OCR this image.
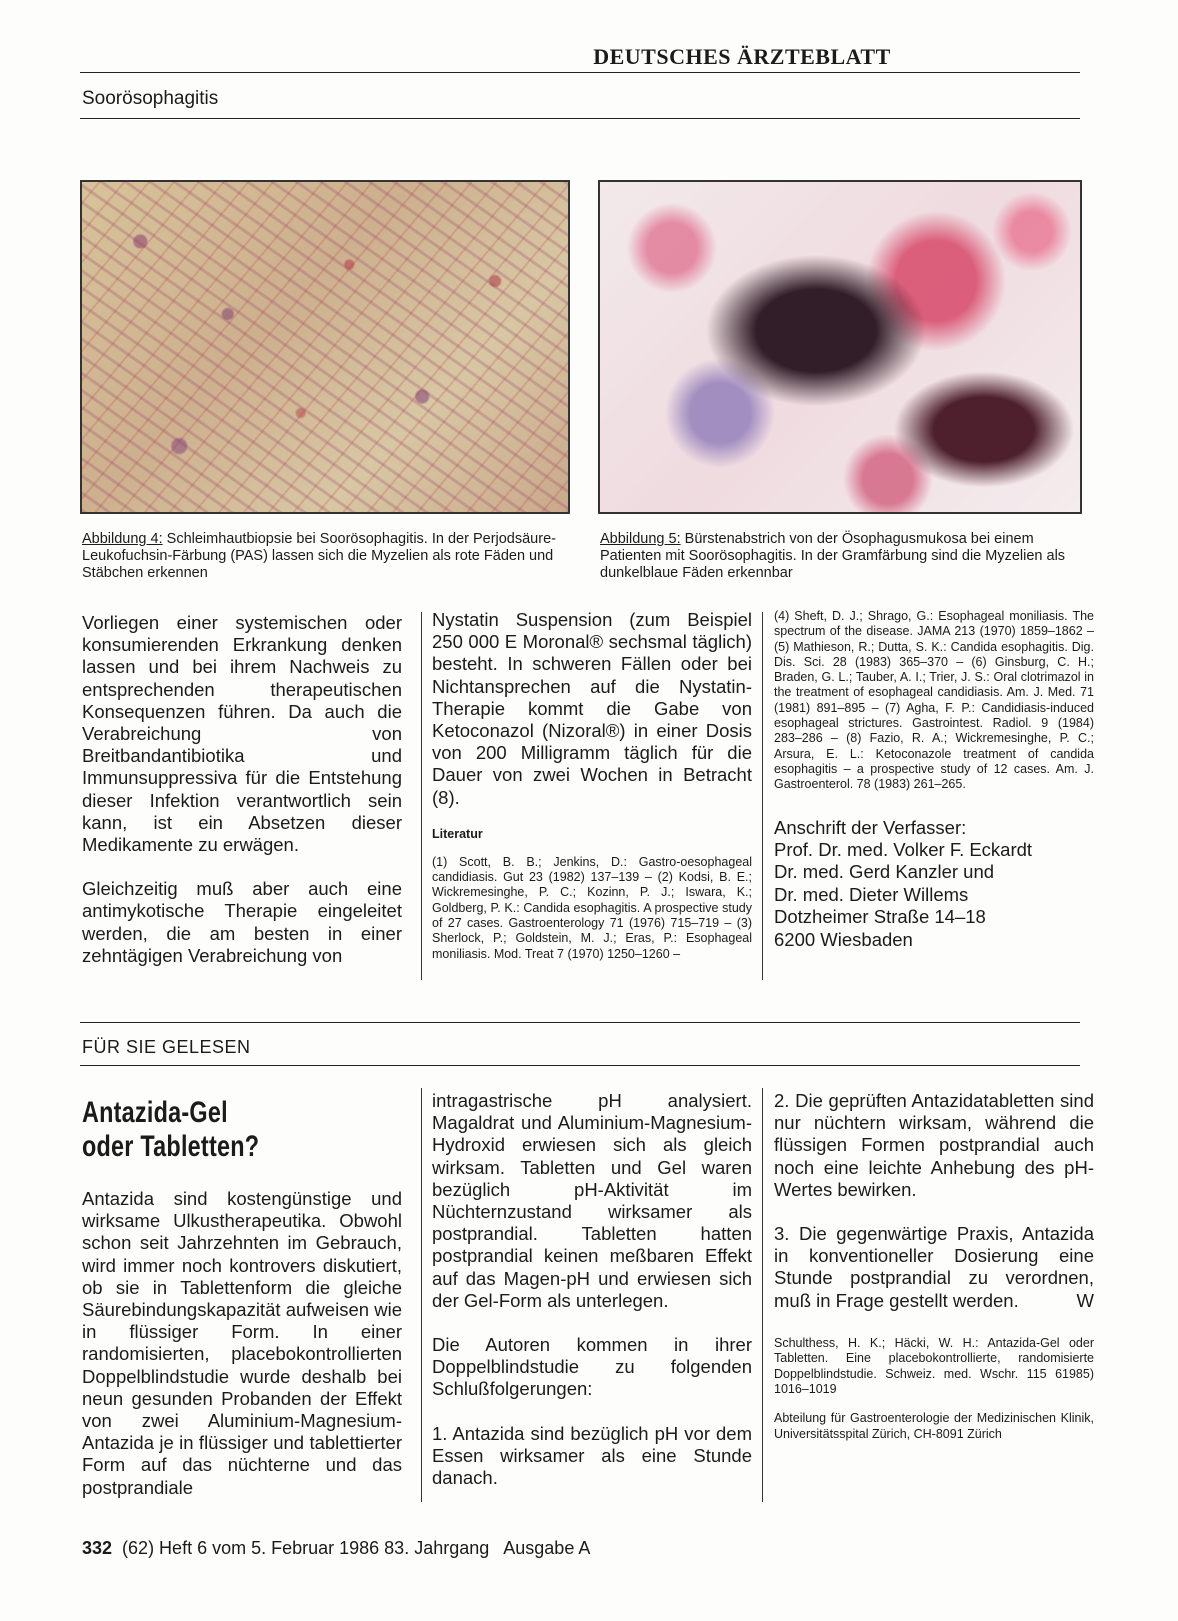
DEUTSCHES ÄRZTEBLATT
Soorösophagitis
Abbildung 4: Schleimhautbiopsie bei Soorösophagitis. In der Perjodsäure-Leukofuchsin-Färbung (PAS) lassen sich die Myzelien als rote Fäden und Stäbchen erkennen
Abbildung 5: Bürstenabstrich von der Ösophagusmukosa bei einem Patienten mit Soorösophagitis. In der Gramfärbung sind die Myzelien als dunkelblaue Fäden erkennbar

Vorliegen einer systemischen oder konsumierenden Erkrankung denken lassen und bei ihrem Nachweis zu entsprechenden therapeutischen Konsequenzen führen. Da auch die Verabreichung von Breitbandantibiotika und Immunsuppressiva für die Entstehung dieser Infektion verantwortlich sein kann, ist ein Absetzen dieser Medikamente zu erwägen.

Gleichzeitig muß aber auch eine antimykotische Therapie eingeleitet werden, die am besten in einer zehntägigen Verabreichung von

Nystatin Suspension (zum Beispiel 250 000 E Moronal® sechsmal täglich) besteht. In schweren Fällen oder bei Nichtansprechen auf die Nystatin-Therapie kommt die Gabe von Ketoconazol (Nizoral®) in einer Dosis von 200 Milligramm täglich für die Dauer von zwei Wochen in Betracht (8).
Literatur
(1) Scott, B. B.; Jenkins, D.: Gastro-oesophageal candidiasis. Gut 23 (1982) 137–139 – (2) Kodsi, B. E.; Wickremesinghe, P. C.; Kozinn, P. J.; Iswara, K.; Goldberg, P. K.: Candida esophagitis. A prospective study of 27 cases. Gastroenterology 71 (1976) 715–719 – (3) Sherlock, P.; Goldstein, M. J.; Eras, P.: Esophageal moniliasis. Mod. Treat 7 (1970) 1250–1260 –
(4) Sheft, D. J.; Shrago, G.: Esophageal moniliasis. The spectrum of the disease. JAMA 213 (1970) 1859–1862 – (5) Mathieson, R.; Dutta, S. K.: Candida esophagitis. Dig. Dis. Sci. 28 (1983) 365–370 – (6) Ginsburg, C. H.; Braden, G. L.; Tauber, A. I.; Trier, J. S.: Oral clotrimazol in the treatment of esophageal candidiasis. Am. J. Med. 71 (1981) 891–895 – (7) Agha, F. P.: Candidiasis-induced esophageal strictures. Gastrointest. Radiol. 9 (1984) 283–286 – (8) Fazio, R. A.; Wickremesinghe, P. C.; Arsura, E. L.: Ketoconazole treatment of candida esophagitis – a prospective study of 12 cases. Am. J. Gastroenterol. 78 (1983) 261–265.
Anschrift der Verfasser:
Prof. Dr. med. Volker F. Eckardt
Dr. med. Gerd Kanzler und
Dr. med. Dieter Willems
Dotzheimer Straße 14–18
6200 Wiesbaden
FÜR SIE GELESEN
Antazida-Gel
oder Tabletten?
Antazida sind kostengünstige und wirksame Ulkustherapeutika. Obwohl schon seit Jahrzehnten im Gebrauch, wird immer noch kontrovers diskutiert, ob sie in Tablettenform die gleiche Säurebindungskapazität aufweisen wie in flüssiger Form. In einer randomisierten, placebokontrollierten Doppelblindstudie wurde deshalb bei neun gesunden Probanden der Effekt von zwei Aluminium-Magnesium-Antazida je in flüssiger und tablettierter Form auf das nüchterne und das postprandiale

intragastrische pH analysiert. Magaldrat und Aluminium-Magnesium-Hydroxid erwiesen sich als gleich wirksam. Tabletten und Gel waren bezüglich pH-Aktivität im Nüchternzustand wirksamer als postprandial. Tabletten hatten postprandial keinen meßbaren Effekt auf das Magen-pH und erwiesen sich der Gel-Form als unterlegen.

Die Autoren kommen in ihrer Doppelblindstudie zu folgenden Schlußfolgerungen:

1. Antazida sind bezüglich pH vor dem Essen wirksamer als eine Stunde danach.

2. Die geprüften Antazidatabletten sind nur nüchtern wirksam, während die flüssigen Formen postprandial auch noch eine leichte Anhebung des pH-Wertes bewirken.
3. Die gegenwärtige Praxis, Antazida in konventioneller Dosierung eine Stunde postprandial zu verordnen, muß in Frage gestellt werden.	W
Schulthess, H. K.; Häcki, W. H.: Antazida-Gel oder Tabletten. Eine placebokontrollierte, randomisierte Doppelblindstudie. Schweiz. med. Wschr. 115 61985) 1016–1019
Abteilung für Gastroenterologie der Medizinischen Klinik, Universitätsspital Zürich, CH-8091 Zürich
332 (62) Heft 6 vom 5. Februar 1986 83. Jahrgang   Ausgabe A
